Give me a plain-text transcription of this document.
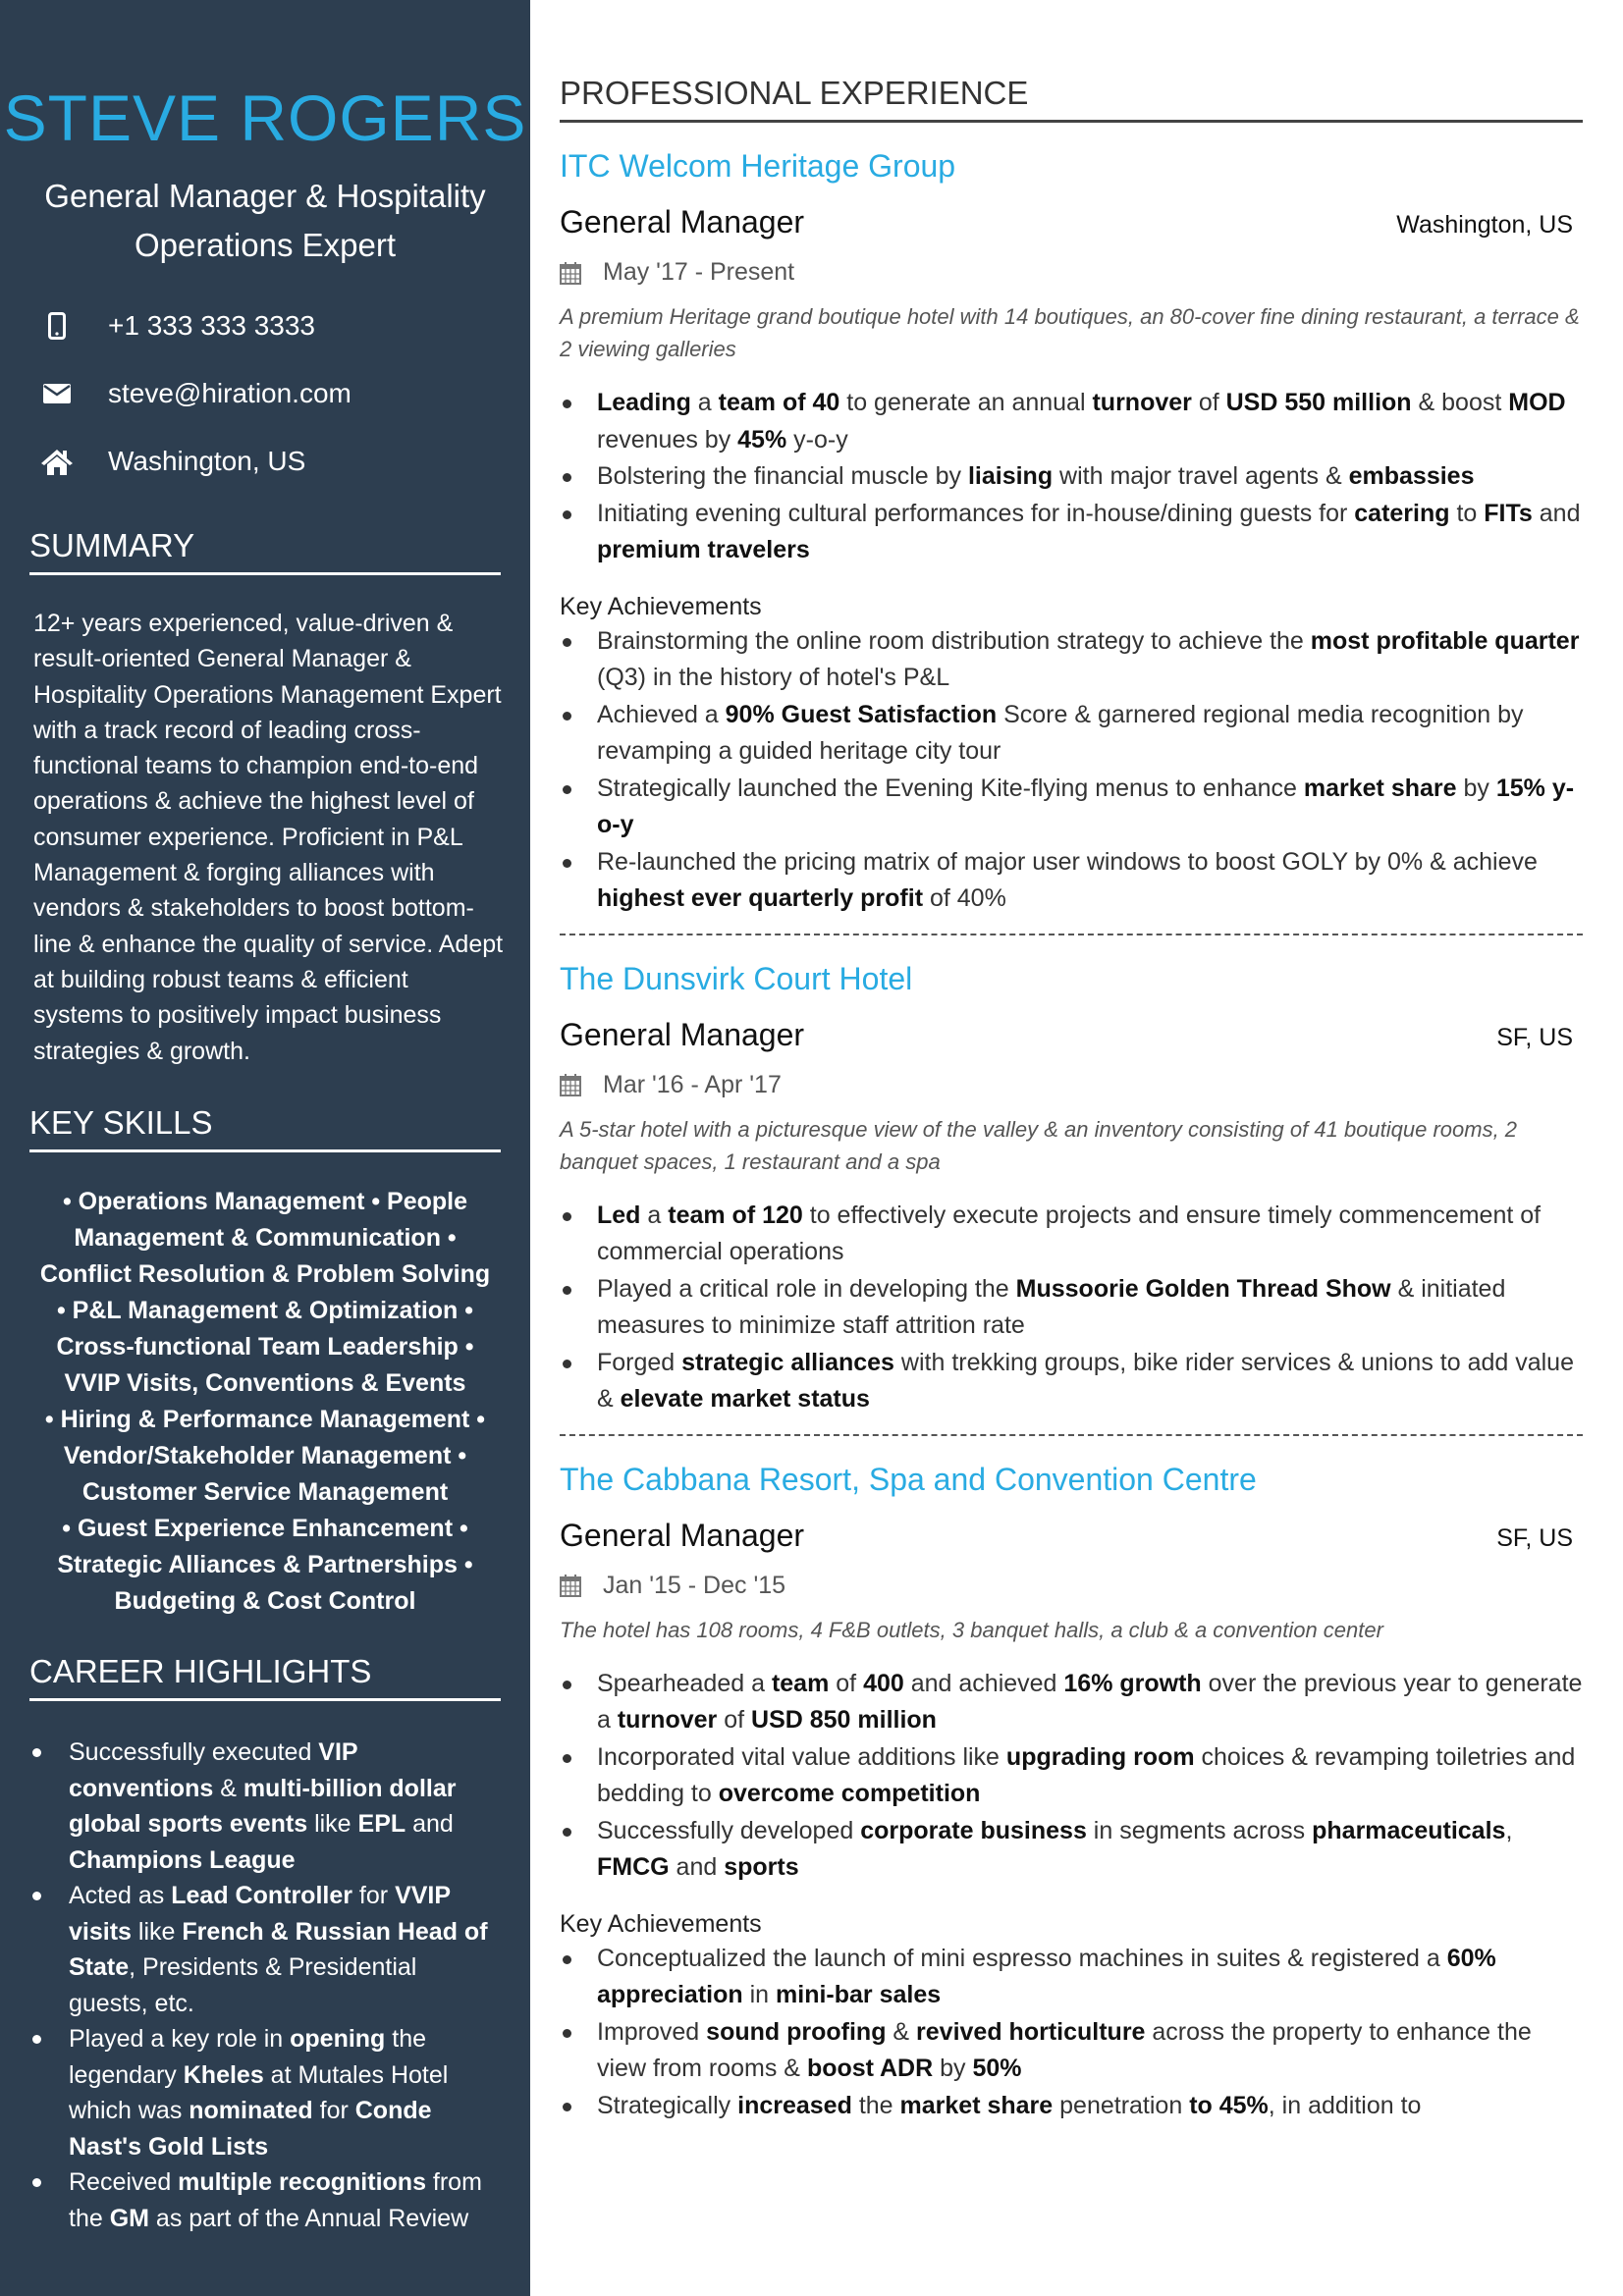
STEVE ROGERS
General Manager & Hospitality
Operations Expert
+1 333 333 3333
steve@hiration.com
Washington, US
SUMMARY
12+ years experienced, value-driven & result-oriented General Manager & Hospitality Operations Management Expert with a track record of leading cross-functional teams to champion end-to-end operations & achieve the highest level of consumer experience. Proficient in P&L Management & forging alliances with vendors & stakeholders to boost bottom-line & enhance the quality of service. Adept at building robust teams & efficient systems to positively impact business strategies & growth.
KEY SKILLS
• Operations Management • People Management & Communication • Conflict Resolution & Problem Solving
• P&L Management & Optimization • Cross-functional Team Leadership • VVIP Visits, Conventions & Events
• Hiring & Performance Management • Vendor/Stakeholder Management • Customer Service Management
• Guest Experience Enhancement • Strategic Alliances & Partnerships • Budgeting & Cost Control
CAREER HIGHLIGHTS
Successfully executed VIP conventions & multi-billion dollar global sports events like EPL and Champions League
Acted as Lead Controller for VVIP visits like French & Russian Head of State, Presidents & Presidential guests, etc.
Played a key role in opening the legendary Kheles at Mutales Hotel which was nominated for Conde Nast's Gold Lists
Received multiple recognitions from the GM as part of the Annual Review
PROFESSIONAL EXPERIENCE
ITC Welcom Heritage Group
General Manager	Washington, US
May '17 - Present
A premium Heritage grand boutique hotel with 14 boutiques, an 80-cover fine dining restaurant, a terrace & 2 viewing galleries
Leading a team of 40 to generate an annual turnover of USD 550 million & boost MOD revenues by 45% y-o-y
Bolstering the financial muscle by liaising with major travel agents & embassies
Initiating evening cultural performances for in-house/dining guests for catering to FITs and premium travelers
Key Achievements
Brainstorming the online room distribution strategy to achieve the most profitable quarter (Q3) in the history of hotel's P&L
Achieved a 90% Guest Satisfaction Score & garnered regional media recognition by revamping a guided heritage city tour
Strategically launched the Evening Kite-flying menus to enhance market share by 15% y-o-y
Re-launched the pricing matrix of major user windows to boost GOLY by 0% & achieve highest ever quarterly profit of 40%
The Dunsvirk Court Hotel
General Manager	SF, US
Mar '16 - Apr '17
A 5-star hotel with a picturesque view of the valley & an inventory consisting of 41 boutique rooms, 2 banquet spaces, 1 restaurant and a spa
Led a team of 120 to effectively execute projects and ensure timely commencement of commercial operations
Played a critical role in developing the Mussoorie Golden Thread Show & initiated measures to minimize staff attrition rate
Forged strategic alliances with trekking groups, bike rider services & unions to add value & elevate market status
The Cabbana Resort, Spa and Convention Centre
General Manager	SF, US
Jan '15 - Dec '15
The hotel has 108 rooms, 4 F&B outlets, 3 banquet halls, a club & a convention center
Spearheaded a team of 400 and achieved 16% growth over the previous year to generate a turnover of USD 850 million
Incorporated vital value additions like upgrading room choices & revamping toiletries and bedding to overcome competition
Successfully developed corporate business in segments across pharmaceuticals, FMCG and sports
Key Achievements
Conceptualized the launch of mini espresso machines in suites & registered a 60% appreciation in mini-bar sales
Improved sound proofing & revived horticulture across the property to enhance the view from rooms & boost ADR by 50%
Strategically increased the market share penetration to 45%, in addition to
